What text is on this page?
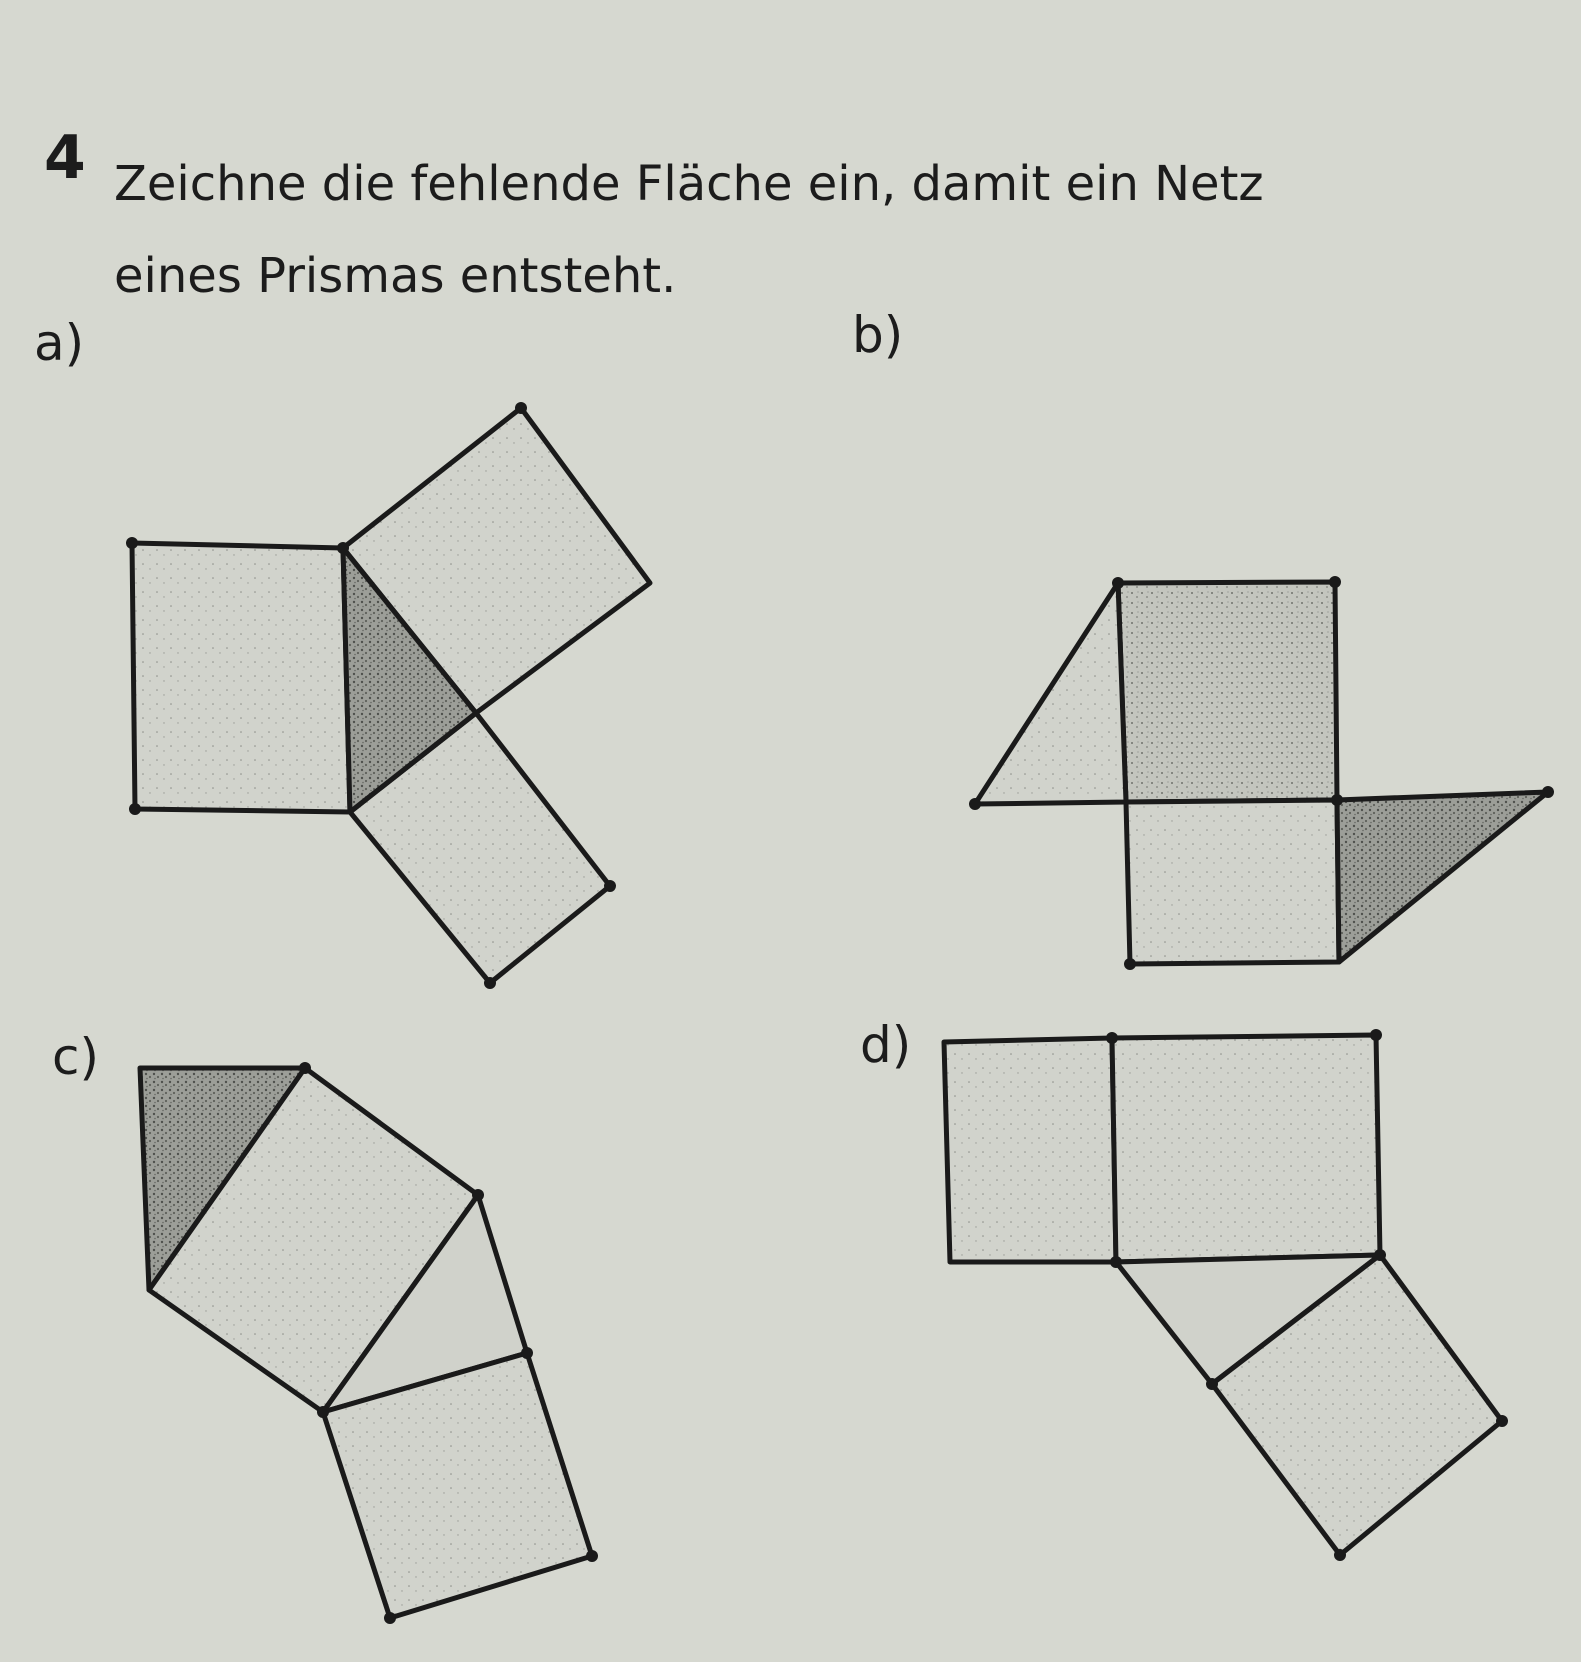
4 Zeichne die fehlende Fläche ein, damit ein Netz
eines Prismas entsteht.
a)	b)
c)	d)
